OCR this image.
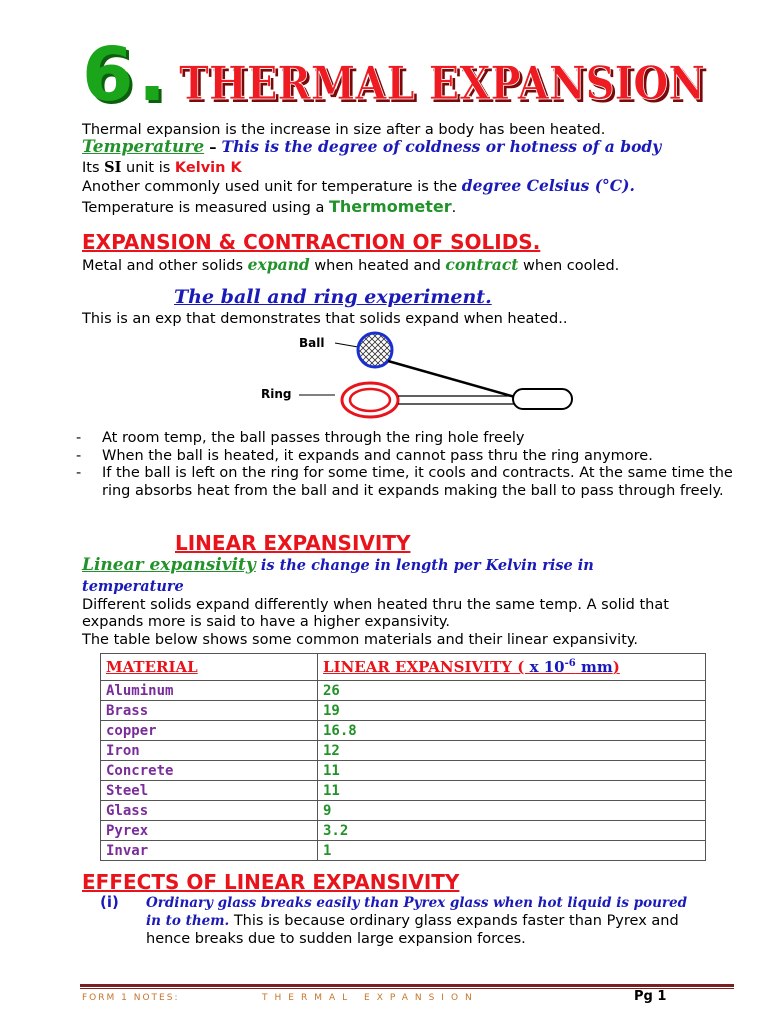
6 . THERMAL EXPANSION
THERMAL EXPANSION
Thermal expansion is the increase in size after a body has been heated.
Temperature – This is the degree of coldness or hotness of a body
Its SI unit is Kelvin K
Another commonly used unit for temperature is the degree Celsius (°C).
Temperature is measured using a Thermometer.
EXPANSION & CONTRACTION OF SOLIDS.
Metal and other solids expand when heated and contract when cooled.
The ball and ring experiment.
This is an exp that demonstrates that solids expand when heated..
Ball
Ring
- At room temp, the ball passes through the ring hole freely
- When the ball is heated, it expands and cannot pass thru the ring anymore.
- If the ball is left on the ring for some time, it cools and contracts. At the same time the ring absorbs heat from the ball and it expands making the ball to pass through freely.
LINEAR EXPANSIVITY
Linear expansivity is the change in length per Kelvin rise in
temperature
Different solids expand differently when heated thru the same temp. A solid that
expands more is said to have a higher expansivity.
The table below shows some common materials and their linear expansivity.
MATERIAL	LINEAR EXPANSIVITY ( x $10^{-6}$ mm)
Aluminum	26
Brass	19
copper	16.8
Iron	12
Concrete	11
Steel	11
Glass	9
Pyrex	3.2
Invar	1
EFFECTS OF LINEAR EXPANSIVITY
(i) Ordinary glass breaks easily than Pyrex glass when hot liquid is poured
in to them. This is because ordinary glass expands faster than Pyrex and
hence breaks due to sudden large expansion forces.
FORM 1 NOTES:	THERMAL EXPANSION	Pg 1
